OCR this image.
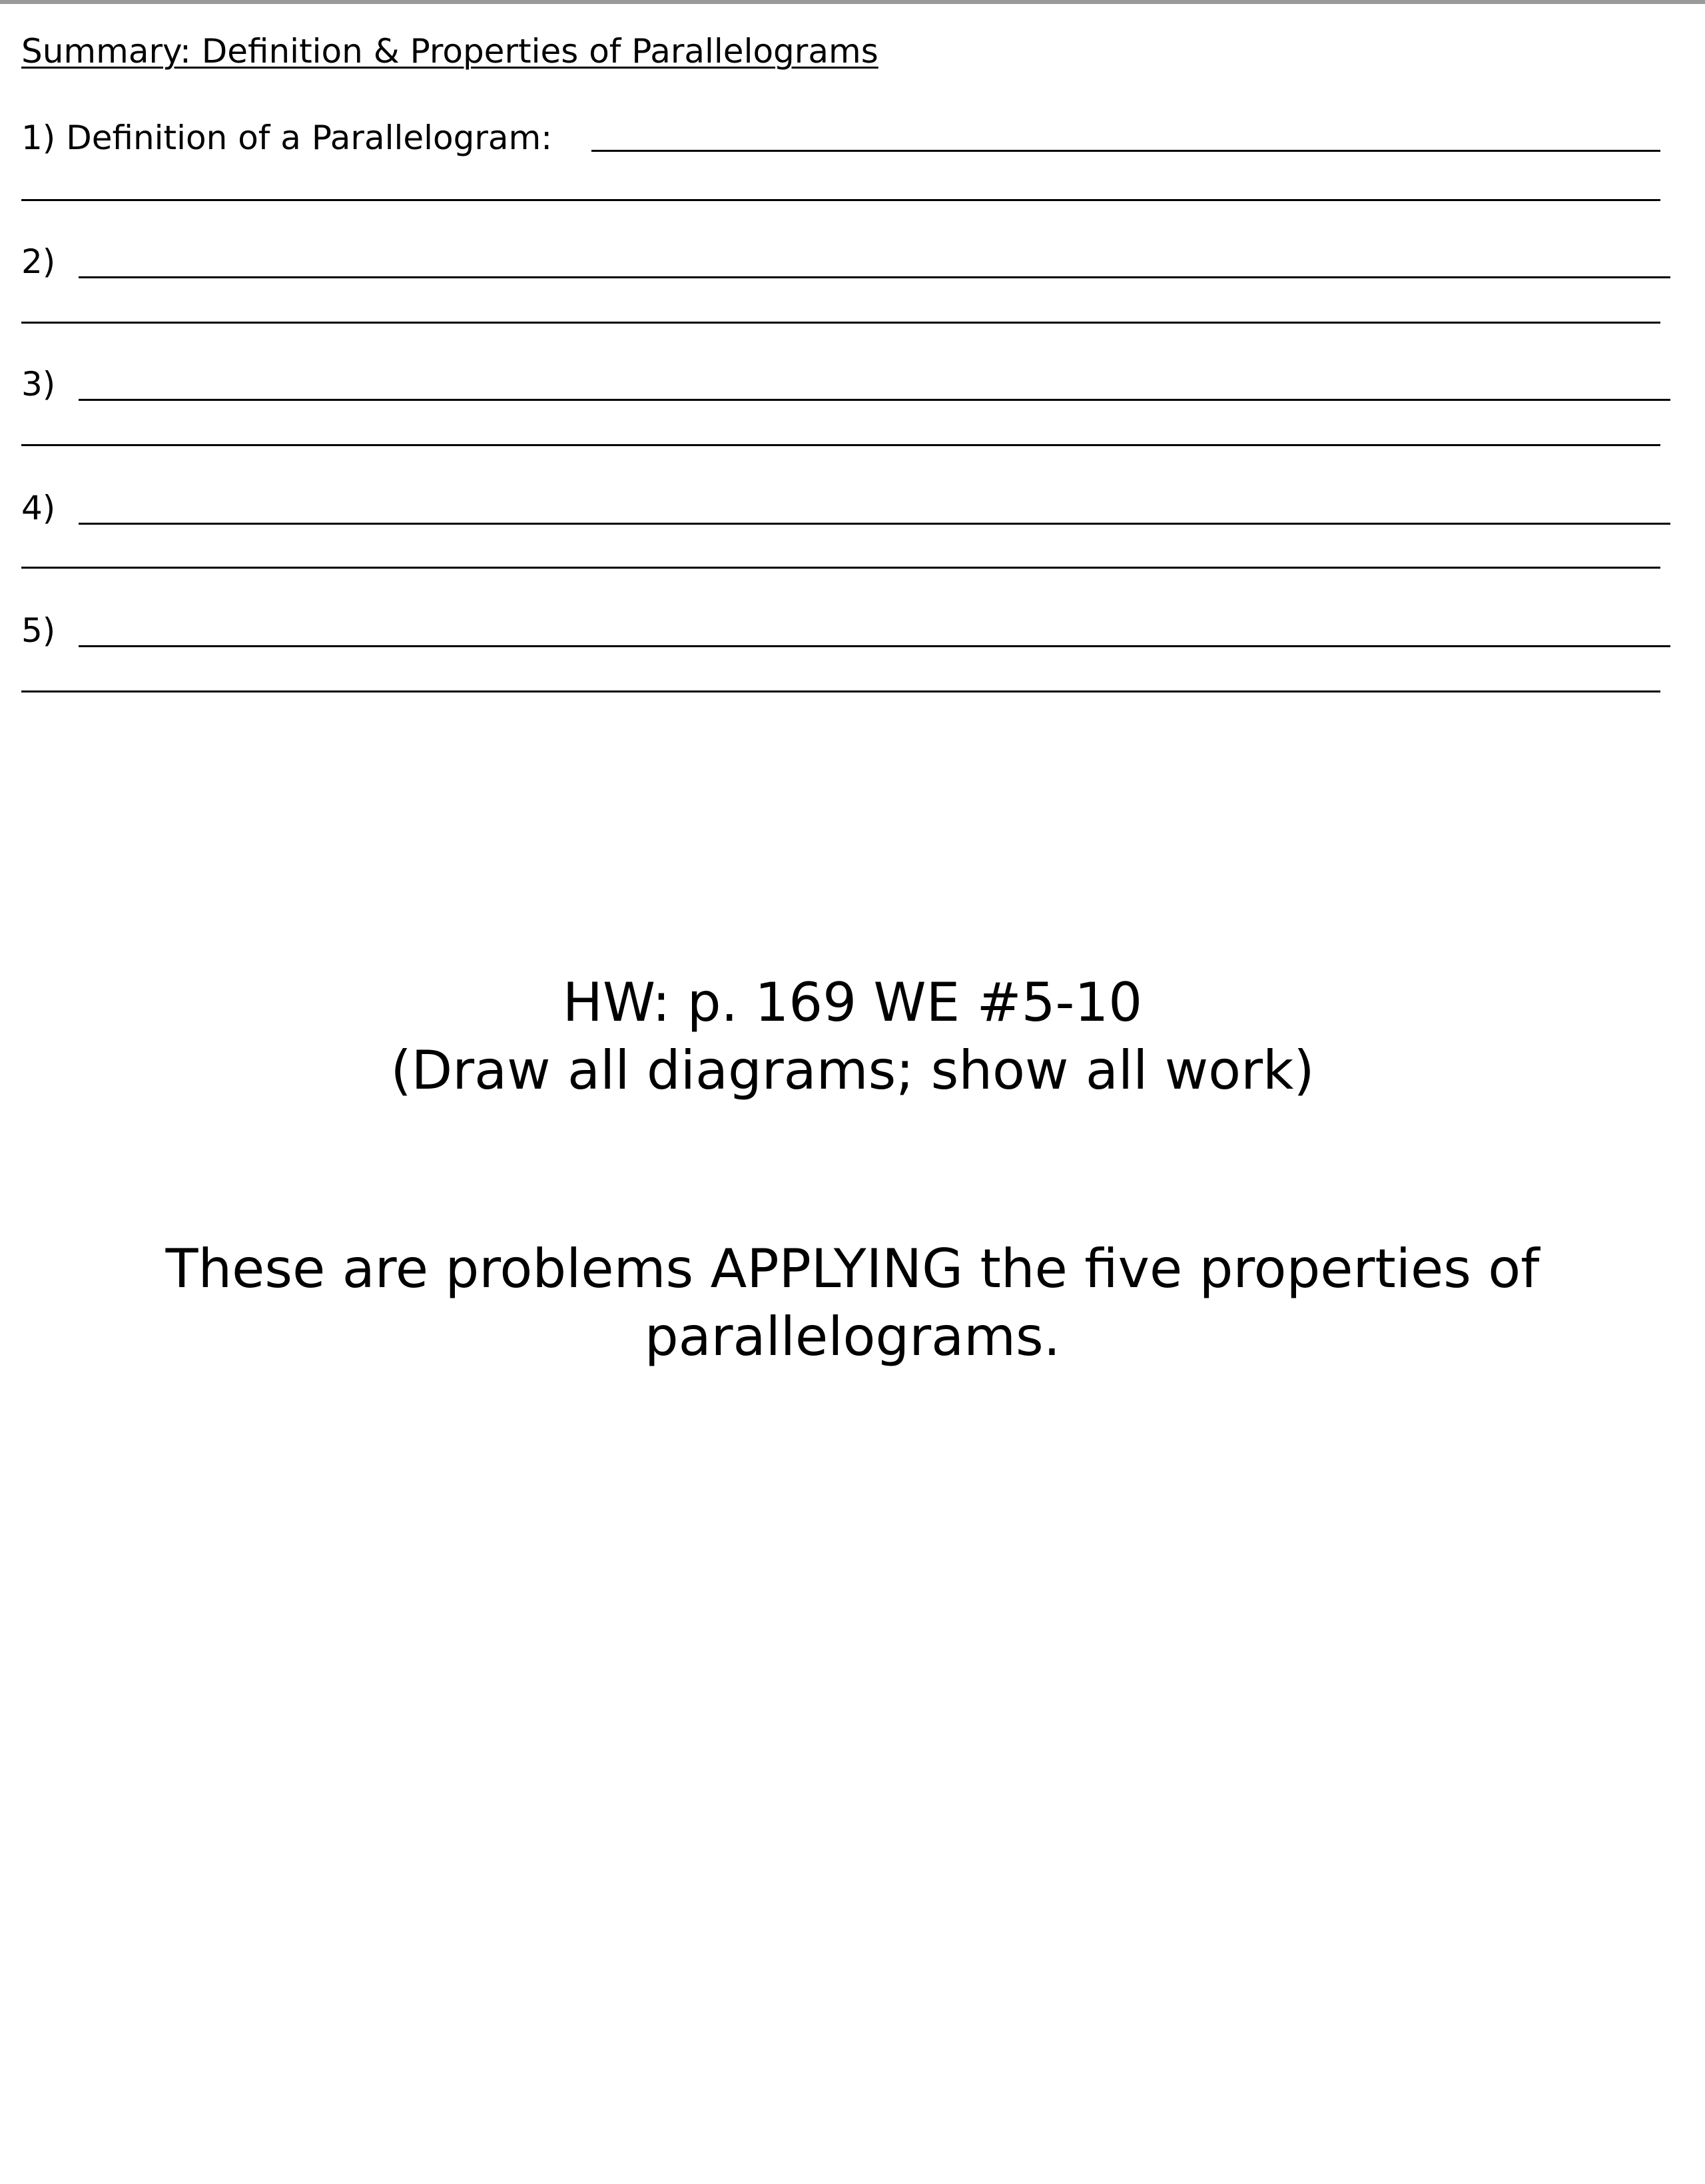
Summary: Definition & Properties of Parallelograms
1) Definition of a Parallelogram:
2)
3)
4)
5)
HW: p. 169 WE #5-10
(Draw all diagrams; show all work)
These are problems APPLYING the five properties of parallelograms.
